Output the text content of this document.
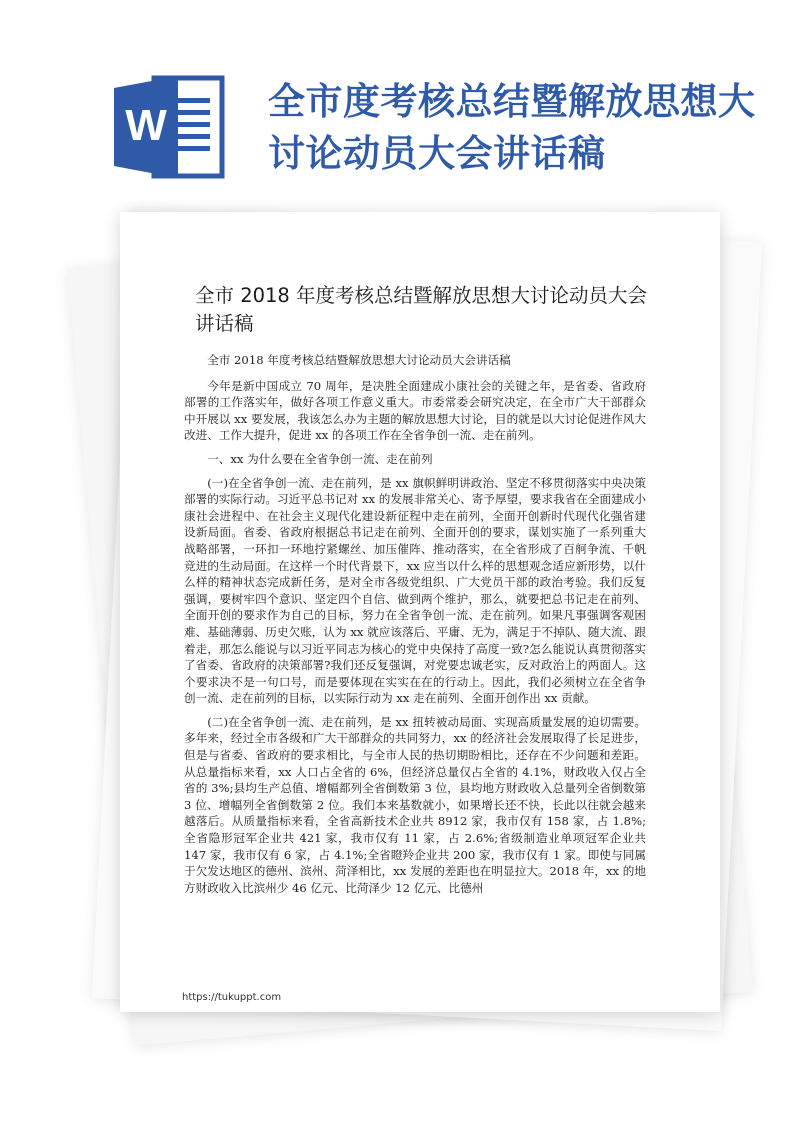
W	全市度考核总结暨解放思想大讨论动员大会讲话稿
全市 2018 年度考核总结暨解放思想大讨论动员大会讲话稿

全市 2018 年度考核总结暨解放思想大讨论动员大会讲话稿

今年是新中国成立 70 周年，是决胜全面建成小康社会的关键之年，是省委、省政府部署的工作落实年，做好各项工作意义重大。市委常委会研究决定，在全市广大干部群众中开展以 xx 要发展，我该怎么办为主题的解放思想大讨论，目的就是以大讨论促进作风大改进、工作大提升，促进 xx 的各项工作在全省争创一流、走在前列。

一、xx 为什么要在全省争创一流、走在前列

(一)在全省争创一流、走在前列，是 xx 旗帜鲜明讲政治、坚定不移贯彻落实中央决策部署的实际行动。习近平总书记对 xx 的发展非常关心、寄予厚望，要求我省在全面建成小康社会进程中、在社会主义现代化建设新征程中走在前列，全面开创新时代现代化强省建设新局面。省委、省政府根据总书记走在前列、全面开创的要求，谋划实施了一系列重大战略部署，一环扣一环地拧紧螺丝、加压催阵、推动落实，在全省形成了百舸争流、千帆竞进的生动局面。在这样一个时代背景下，xx 应当以什么样的思想观念适应新形势，以什么样的精神状态完成新任务，是对全市各级党组织、广大党员干部的政治考验。我们反复强调，要树牢四个意识、坚定四个自信、做到两个维护，那么，就要把总书记走在前列、全面开创的要求作为自己的目标，努力在全省争创一流、走在前列。如果凡事强调客观困难、基础薄弱、历史欠账，认为 xx 就应该落后、平庸、无为，满足于不掉队、随大流、跟着走，那怎么能说与以习近平同志为核心的党中央保持了高度一致?怎么能说认真贯彻落实了省委、省政府的决策部署?我们还反复强调，对党要忠诚老实，反对政治上的两面人。这个要求决不是一句口号，而是要体现在实实在在的行动上。因此，我们必须树立在全省争创一流、走在前列的目标，以实际行动为 xx 走在前列、全面开创作出 xx 贡献。

(二)在全省争创一流、走在前列，是 xx 扭转被动局面、实现高质量发展的迫切需要。多年来，经过全市各级和广大干部群众的共同努力，xx 的经济社会发展取得了长足进步，但是与省委、省政府的要求相比，与全市人民的热切期盼相比，还存在不少问题和差距。从总量指标来看，xx 人口占全省的 6%，但经济总量仅占全省的 4.1%，财政收入仅占全省的 3%;县均生产总值、增幅都列全省倒数第 3 位，县均地方财政收入总量列全省倒数第 3 位、增幅列全省倒数第 2 位。我们本来基数就小，如果增长还不快，长此以往就会越来越落后。从质量指标来看，全省高新技术企业共 8912 家，我市仅有 158 家，占 1.8%;全省隐形冠军企业共 421 家，我市仅有 11 家，占 2.6%;省级制造业单项冠军企业共 147 家，我市仅有 6 家，占 4.1%;全省瞪羚企业共 200 家，我市仅有 1 家。即使与同属于欠发达地区的德州、滨州、菏泽相比，xx 发展的差距也在明显拉大。2018 年，xx 的地方财政收入比滨州少 46 亿元、比菏泽少 12 亿元、比德州

https://tukuppt.com
